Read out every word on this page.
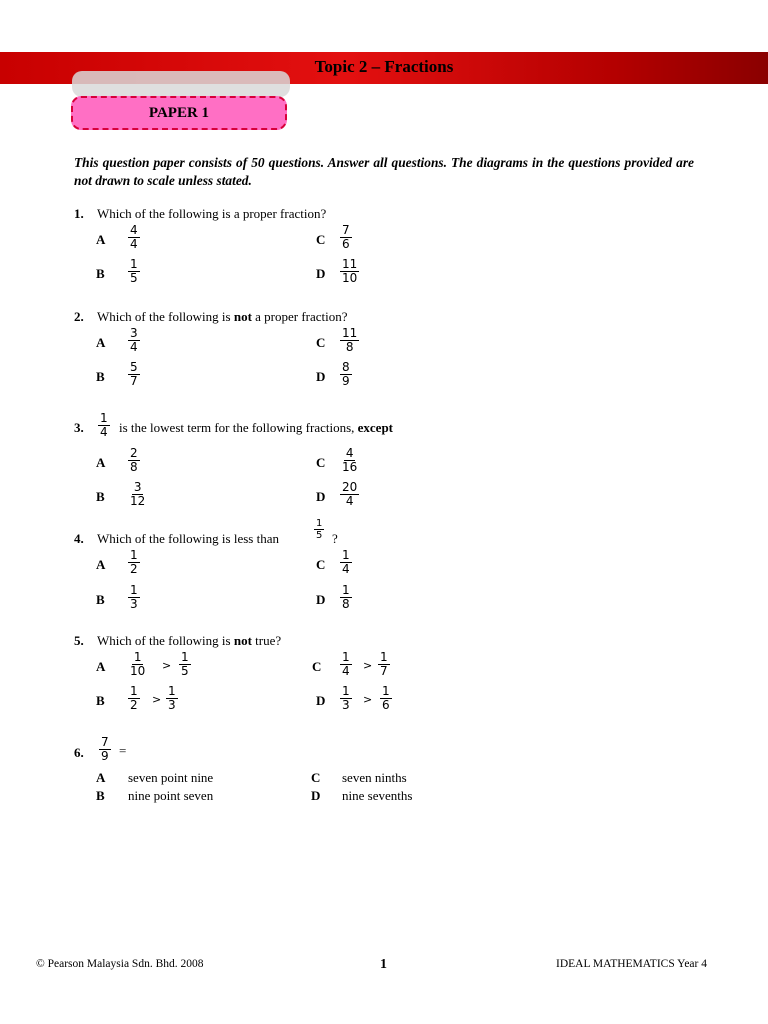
Topic 2 – Fractions
PAPER 1
This question paper consists of 50 questions. Answer all questions. The diagrams in the questions provided are not drawn to scale unless stated.
1. Which of the following is a proper fraction?
A $\frac{4}{4}$
B $\frac{1}{5}$
C $\frac{7}{6}$
D $\frac{11}{10}$
2. Which of the following is not a proper fraction?
A $\frac{3}{4}$
B $\frac{5}{7}$
C $\frac{11}{8}$
D $\frac{8}{9}$
3. $\frac{1}{4}$ is the lowest term for the following fractions, except
A $\frac{2}{8}$
B $\frac{3}{12}$
C $\frac{4}{16}$
D $\frac{20}{4}$
4. Which of the following is less than	$\frac{1}{5}$ ?
A $\frac{1}{2}$
B $\frac{1}{3}$
C $\frac{1}{4}$
D $\frac{1}{8}$
5. Which of the following is not true?
A $\frac{1}{10} > \frac{1}{5}$
B $\frac{1}{2} > \frac{1}{3}$
C $\frac{1}{4} > \frac{1}{7}$
D $\frac{1}{3} > \frac{1}{6}$
6. $\frac{7}{9}$ =
A seven point nine
B nine point seven
C seven ninths
D nine sevenths
© Pearson Malaysia Sdn. Bhd. 2008	1	IDEAL MATHEMATICS Year 4
